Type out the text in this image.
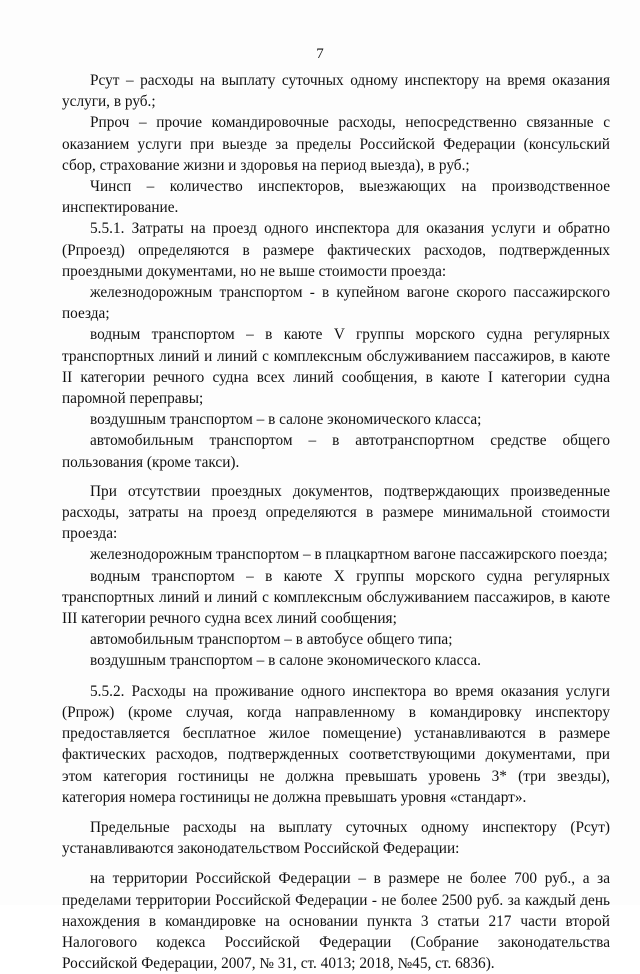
7

Рсут – расходы на выплату суточных одному инспектору на время оказания услуги, в руб.;

Рпроч – прочие командировочные расходы, непосредственно связанные с оказанием услуги при выезде за пределы Российской Федерации (консульский сбор, страхование жизни и здоровья на период выезда), в руб.;

Чинсп – количество инспекторов, выезжающих на производственное инспектирование.

5.5.1. Затраты на проезд одного инспектора для оказания услуги и обратно (Рпроезд) определяются в размере фактических расходов, подтвержденных проездными документами, но не выше стоимости проезда:

железнодорожным транспортом - в купейном вагоне скорого пассажирского поезда;

водным транспортом – в каюте V группы морского судна регулярных транспортных линий и линий с комплексным обслуживанием пассажиров, в каюте II категории речного судна всех линий сообщения, в каюте I категории судна паромной переправы;

воздушным транспортом – в салоне экономического класса;

автомобильным транспортом – в автотранспортном средстве общего пользования (кроме такси).

При отсутствии проездных документов, подтверждающих произведенные расходы, затраты на проезд определяются в размере минимальной стоимости проезда:

железнодорожным транспортом – в плацкартном вагоне пассажирского поезда;

водным транспортом – в каюте X группы морского судна регулярных транспортных линий и линий с комплексным обслуживанием пассажиров, в каюте III категории речного судна всех линий сообщения;

автомобильным транспортом – в автобусе общего типа;

воздушным транспортом – в салоне экономического класса.

5.5.2. Расходы на проживание одного инспектора во время оказания услуги (Рпрож) (кроме случая, когда направленному в командировку инспектору предоставляется бесплатное жилое помещение) устанавливаются в размере фактических расходов, подтвержденных соответствующими документами, при этом категория гостиницы не должна превышать уровень 3* (три звезды), категория номера гостиницы не должна превышать уровня «стандарт».

Предельные расходы на выплату суточных одному инспектору (Рсут) устанавливаются законодательством Российской Федерации:

на территории Российской Федерации – в размере не более 700 руб., а за пределами территории Российской Федерации - не более 2500 руб. за каждый день нахождения в командировке на основании пункта 3 статьи 217 части второй Налогового кодекса Российской Федерации (Собрание законодательства Российской Федерации, 2007, № 31, ст. 4013; 2018, №45, ст. 6836).
